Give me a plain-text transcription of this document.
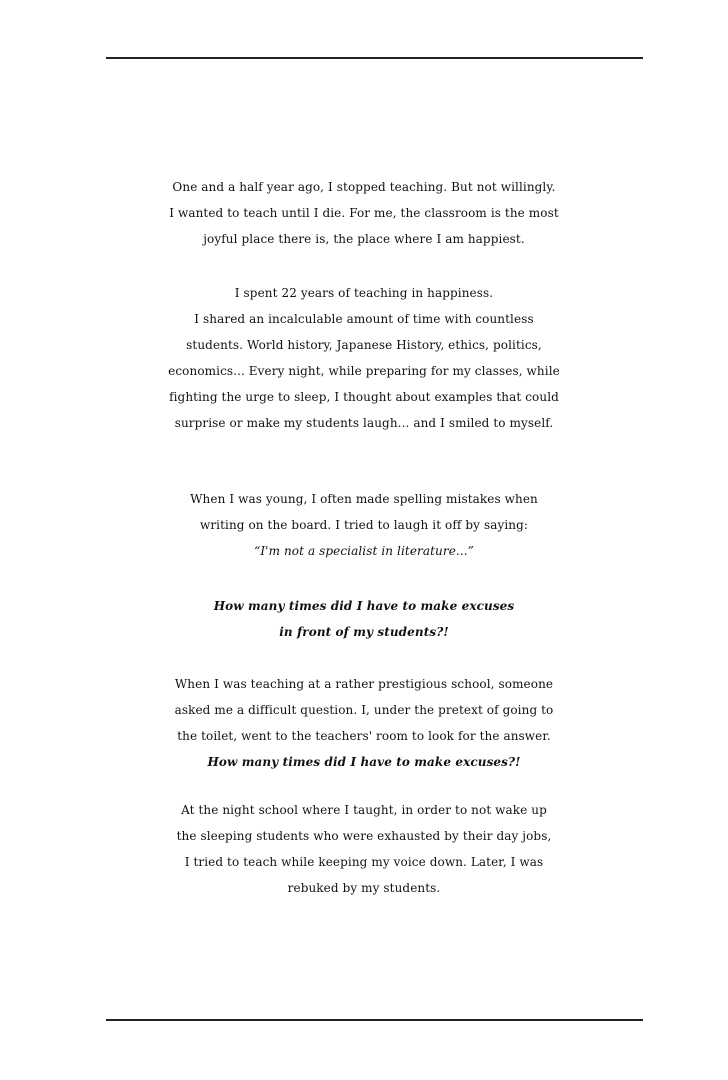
One and a half year ago, I stopped teaching. But not willingly.
I wanted to teach until I die. For me, the classroom is the most
joyful place there is, the place where I am happiest.

I spent 22 years of teaching in happiness.
I shared an incalculable amount of time with countless
students. World history, Japanese History, ethics, politics,
economics... Every night, while preparing for my classes, while
fighting the urge to sleep, I thought about examples that could
surprise or make my students laugh... and I smiled to myself.

When I was young, I often made spelling mistakes when
writing on the board. I tried to laugh it off by saying:
“I'm not a specialist in literature...”

How many times did I have to make excuses
in front of my students?!

When I was teaching at a rather prestigious school, someone
asked me a difficult question. I, under the pretext of going to
the toilet, went to the teachers' room to look for the answer.
How many times did I have to make excuses?!

At the night school where I taught, in order to not wake up
the sleeping students who were exhausted by their day jobs,
I tried to teach while keeping my voice down. Later, I was
rebuked by my students.
